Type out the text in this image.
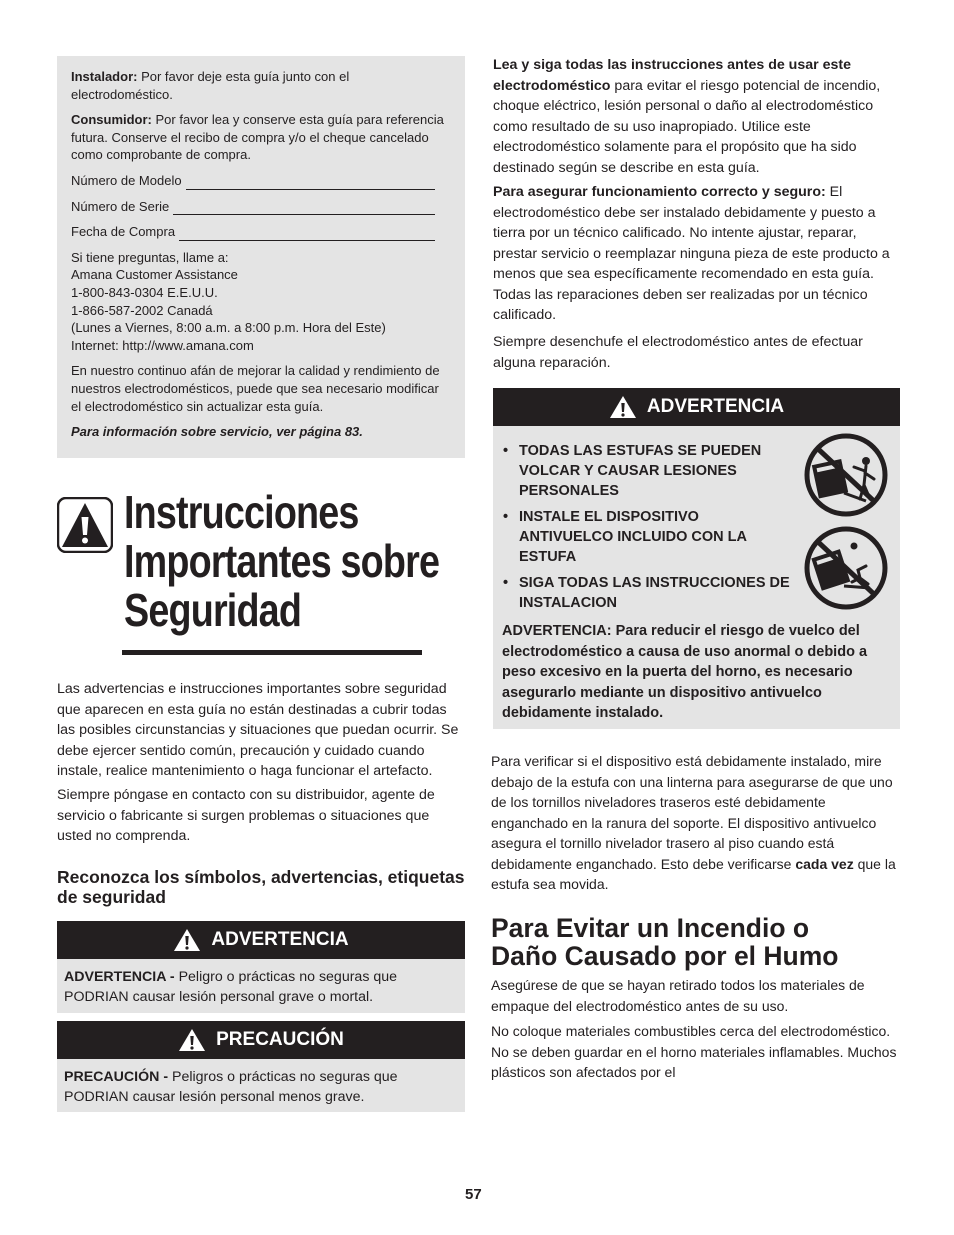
Instalador: Por favor deje esta guía junto con el electrodoméstico.

Consumidor: Por favor lea y conserve esta guía para referencia futura. Conserve el recibo de compra y/o el cheque cancelado como comprobante de compra.

Número de Modelo
Número de Serie
Fecha de Compra
Si tiene preguntas, llame a:
Amana Customer Assistance
1-800-843-0304 E.E.U.U.
1-866-587-2002 Canadá
(Lunes a Viernes, 8:00 a.m. a 8:00 p.m. Hora del Este)
Internet: http://www.amana.com

En nuestro continuo afán de mejorar la calidad y rendimiento de nuestros electrodomésticos, puede que sea necesario modificar el electrodoméstico sin actualizar esta guía.

Para información sobre servicio, ver página 83.

Instrucciones
Importantes sobre
Seguridad

Las advertencias e instrucciones importantes sobre seguridad que aparecen en esta guía no están destinadas a cubrir todas las posibles circunstancias y situaciones que puedan ocurrir. Se debe ejercer sentido común, precaución y cuidado cuando instale, realice mantenimiento o haga funcionar el artefacto.

Siempre póngase en contacto con su distribuidor, agente de servicio o fabricante si surgen problemas o situaciones que usted no comprenda.

Reconozca los símbolos, advertencias, etiquetas de seguridad
ADVERTENCIA

ADVERTENCIA - Peligro o prácticas no seguras que PODRIAN causar lesión personal grave o mortal.

PRECAUCIÓN

PRECAUCIÓN - Peligros o prácticas no seguras que PODRIAN causar lesión personal menos grave.

Lea y siga todas las instrucciones antes de usar este electrodoméstico para evitar el riesgo potencial de incendio, choque eléctrico, lesión personal o daño al electrodoméstico como resultado de su uso inapropiado. Utilice este electrodoméstico solamente para el propósito que ha sido destinado según se describe en esta guía.

Para asegurar funcionamiento correcto y seguro: El electrodoméstico debe ser instalado debidamente y puesto a tierra por un técnico calificado. No intente ajustar, reparar, prestar servicio o reemplazar ninguna pieza de este producto a menos que sea específicamente recomendado en esta guía. Todas las reparaciones deben ser realizadas por un técnico calificado.

Siempre desenchufe el electrodoméstico antes de efectuar alguna reparación.

ADVERTENCIA
• TODAS LAS ESTUFAS SE PUEDEN VOLCAR Y CAUSAR LESIONES PERSONALES
• INSTALE EL DISPOSITIVO ANTIVUELCO INCLUIDO CON LA ESTUFA
• SIGA TODAS LAS INSTRUCCIONES DE INSTALACION

ADVERTENCIA: Para reducir el riesgo de vuelco del electrodoméstico a causa de uso anormal o debido a peso excesivo en la puerta del horno, es necesario asegurarlo mediante un dispositivo antivuelco debidamente instalado.

Para verificar si el dispositivo está debidamente instalado, mire debajo de la estufa con una linterna para asegurarse de que uno de los tornillos niveladores traseros esté debidamente enganchado en la ranura del soporte. El dispositivo antivuelco asegura el tornillo nivelador trasero al piso cuando está debidamente enganchado. Esto debe verificarse cada vez que la estufa sea movida.

Para Evitar un Incendio o
Daño Causado por el Humo

Asegúrese de que se hayan retirado todos los materiales de empaque del electrodoméstico antes de su uso.

No coloque materiales combustibles cerca del electrodoméstico. No se deben guardar en el horno materiales inflamables. Muchos plásticos son afectados por el

57
